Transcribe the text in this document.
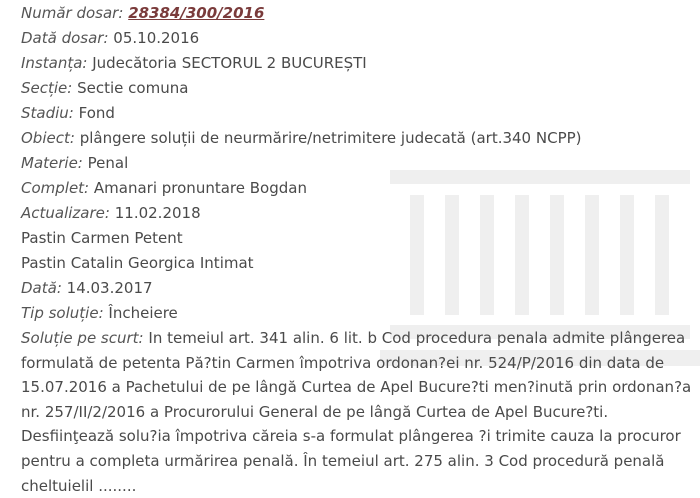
Număr dosar: 28384/300/2016
Dată dosar: 05.10.2016
Instanța: Judecătoria SECTORUL 2 BUCUREȘTI
Secție: Sectie comuna
Stadiu: Fond
Obiect: plângere soluții de neurmărire/netrimitere judecată (art.340 NCPP)
Materie: Penal
Complet: Amanari pronuntare Bogdan
Actualizare: 11.02.2018
Pastin Carmen Petent
Pastin Catalin Georgica Intimat
Dată: 14.03.2017
Tip soluție: Încheiere
Soluție pe scurt: In temeiul art. 341 alin. 6 lit. b Cod procedura penala admite plângerea formulată de petenta Pă?tin Carmen împotriva ordonan?ei nr. 524/P/2016 din data de 15.07.2016 a Pachetului de pe lângă Curtea de Apel Bucure?ti men?inută prin ordonan?a nr. 257/II/2/2016 a Procurorului General de pe lângă Curtea de Apel Bucure?ti. Desfiinţează solu?ia împotriva căreia s-a formulat plângerea ?i trimite cauza la procuror pentru a completa urmărirea penală. În temeiul art. 275 alin. 3 Cod procedură penală cheltuielil ........
